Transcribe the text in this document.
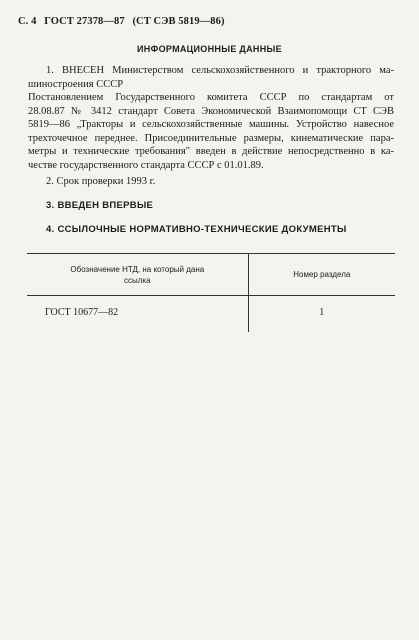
С. 4 ГОСТ 27378—87 (СТ СЭВ 5819—86)
ИНФОРМАЦИОННЫЕ ДАННЫЕ
1. ВНЕСЕН Министерством сельскохозяйственного и тракторного ма-
шиностроения СССР
Постановлением Государственного комитета СССР по стандартам от
28.08.87 № 3412 стандарт Совета Экономической Взаимопомощи СТ СЭВ
5819—86 „Тракторы и сельскохозяйственные машины. Устройство навесное
трехточечное переднее. Присоединительные размеры, кинематические пара-
метры и технические требования" введен в действие непосредственно в ка-
честве государственного стандарта СССР с 01.01.89.
2. Срок проверки 1993 г.
3. ВВЕДЕН ВПЕРВЫЕ
4. ССЫЛОЧНЫЕ НОРМАТИВНО-ТЕХНИЧЕСКИЕ ДОКУМЕНТЫ
Обозначение НТД, на который дана ссылка	Номер раздела
ГОСТ 10677—82	1
